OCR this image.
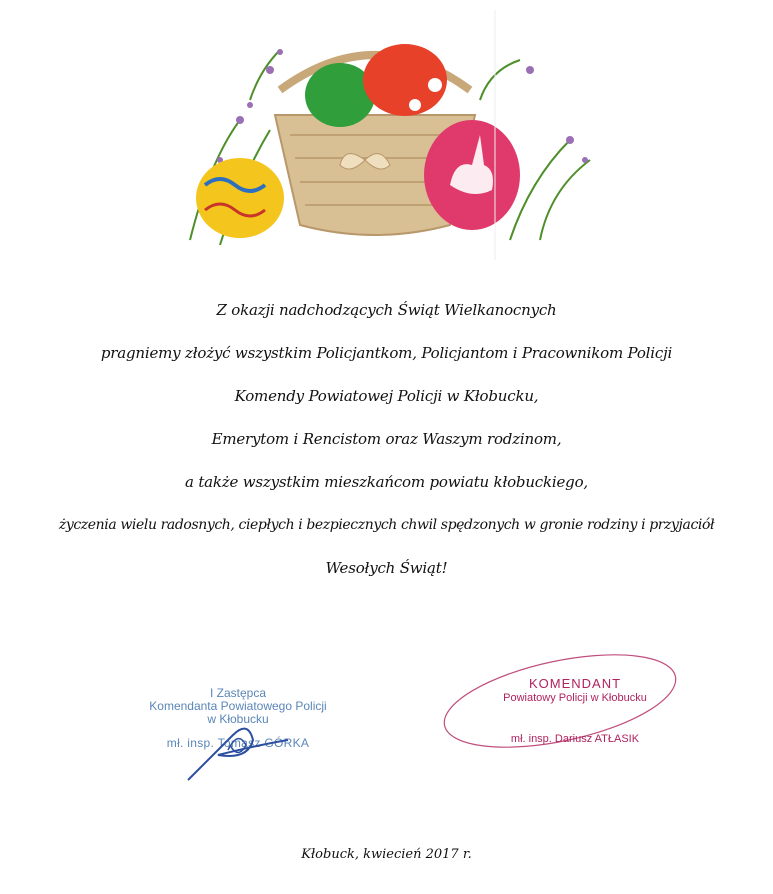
Z okazji nadchodzących Świąt Wielkanocnych
pragniemy złożyć wszystkim Policjantkom, Policjantom i Pracownikom Policji
Komendy Powiatowej Policji w Kłobucku,
Emerytom i Rencistom oraz Waszym rodzinom,
a także wszystkim mieszkańcom powiatu kłobuckiego,
życzenia wielu radosnych, ciepłych i bezpiecznych chwil spędzonych w gronie rodziny i przyjaciół
Wesołych Świąt!
I Zastępca
Komendanta Powiatowego Policji
w Kłobucku
mł. insp. Tomasz GÓRKA
KOMENDANT
Powiatowy Policji w Kłobucku
mł. insp. Dariusz ATŁASIK
Kłobuck, kwiecień 2017 r.
